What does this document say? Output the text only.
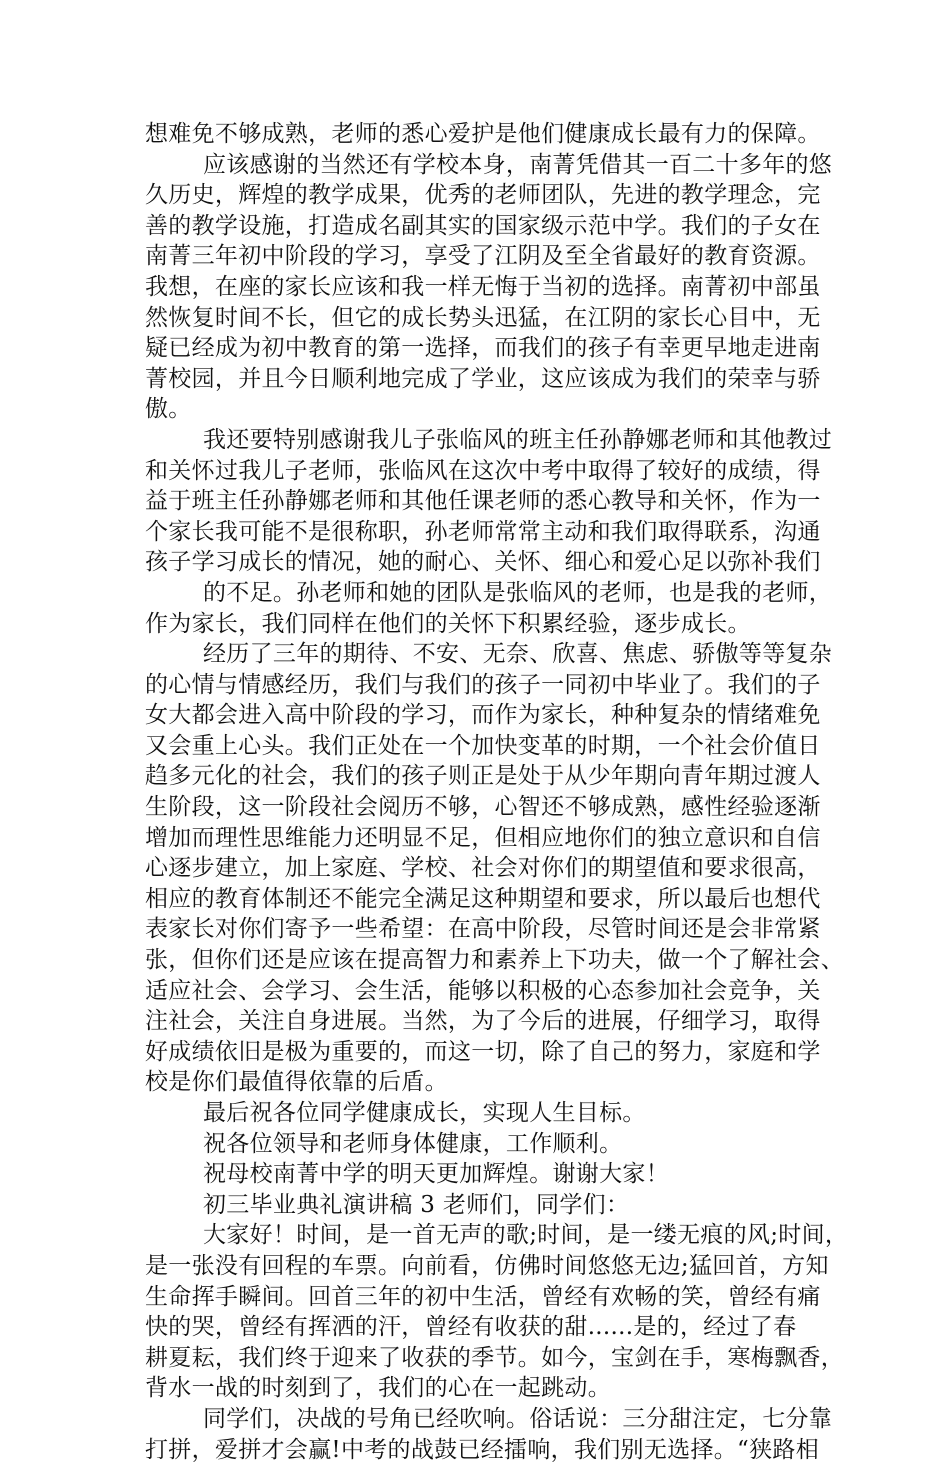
想难免不够成熟，老师的悉心爱护是他们健康成长最有力的保障。
应该感谢的当然还有学校本身，南菁凭借其一百二十多年的悠
久历史，辉煌的教学成果，优秀的老师团队，先进的教学理念，完
善的教学设施，打造成名副其实的国家级示范中学。我们的子女在
南菁三年初中阶段的学习，享受了江阴及至全省最好的教育资源。
我想，在座的家长应该和我一样无悔于当初的选择。南菁初中部虽
然恢复时间不长，但它的成长势头迅猛，在江阴的家长心目中，无
疑已经成为初中教育的第一选择，而我们的孩子有幸更早地走进南
菁校园，并且今日顺利地完成了学业，这应该成为我们的荣幸与骄
傲。
我还要特别感谢我儿子张临风的班主任孙静娜老师和其他教过
和关怀过我儿子老师，张临风在这次中考中取得了较好的成绩，得
益于班主任孙静娜老师和其他任课老师的悉心教导和关怀，作为一
个家长我可能不是很称职，孙老师常常主动和我们取得联系，沟通
孩子学习成长的情况，她的耐心、关怀、细心和爱心足以弥补我们
的不足。孙老师和她的团队是张临风的老师，也是我的老师，
作为家长，我们同样在他们的关怀下积累经验，逐步成长。
经历了三年的期待、不安、无奈、欣喜、焦虑、骄傲等等复杂
的心情与情感经历，我们与我们的孩子一同初中毕业了。我们的子
女大都会进入高中阶段的学习，而作为家长，种种复杂的情绪难免
又会重上心头。我们正处在一个加快变革的时期，一个社会价值日
趋多元化的社会，我们的孩子则正是处于从少年期向青年期过渡人
生阶段，这一阶段社会阅历不够，心智还不够成熟，感性经验逐渐
增加而理性思维能力还明显不足，但相应地你们的独立意识和自信
心逐步建立，加上家庭、学校、社会对你们的期望值和要求很高，
相应的教育体制还不能完全满足这种期望和要求，所以最后也想代
表家长对你们寄予一些希望：在高中阶段，尽管时间还是会非常紧
张，但你们还是应该在提高智力和素养上下功夫，做一个了解社会、
适应社会、会学习、会生活，能够以积极的心态参加社会竞争，关
注社会，关注自身进展。当然，为了今后的进展，仔细学习，取得
好成绩依旧是极为重要的，而这一切，除了自己的努力，家庭和学
校是你们最值得依靠的后盾。
最后祝各位同学健康成长，实现人生目标。
祝各位领导和老师身体健康，工作顺利。
祝母校南菁中学的明天更加辉煌。谢谢大家！
初三毕业典礼演讲稿 3 老师们，同学们：
大家好！时间，是一首无声的歌;时间，是一缕无痕的风;时间，
是一张没有回程的车票。向前看，仿佛时间悠悠无边;猛回首，方知
生命挥手瞬间。回首三年的初中生活，曾经有欢畅的笑，曾经有痛
快的哭，曾经有挥洒的汗，曾经有收获的甜......是的，经过了春
耕夏耘，我们终于迎来了收获的季节。如今，宝剑在手，寒梅飘香，
背水一战的时刻到了，我们的心在一起跳动。
同学们，决战的号角已经吹响。俗话说：三分甜注定，七分靠
打拼，爱拼才会赢!中考的战鼓已经擂响，我们别无选择。“狭路相
